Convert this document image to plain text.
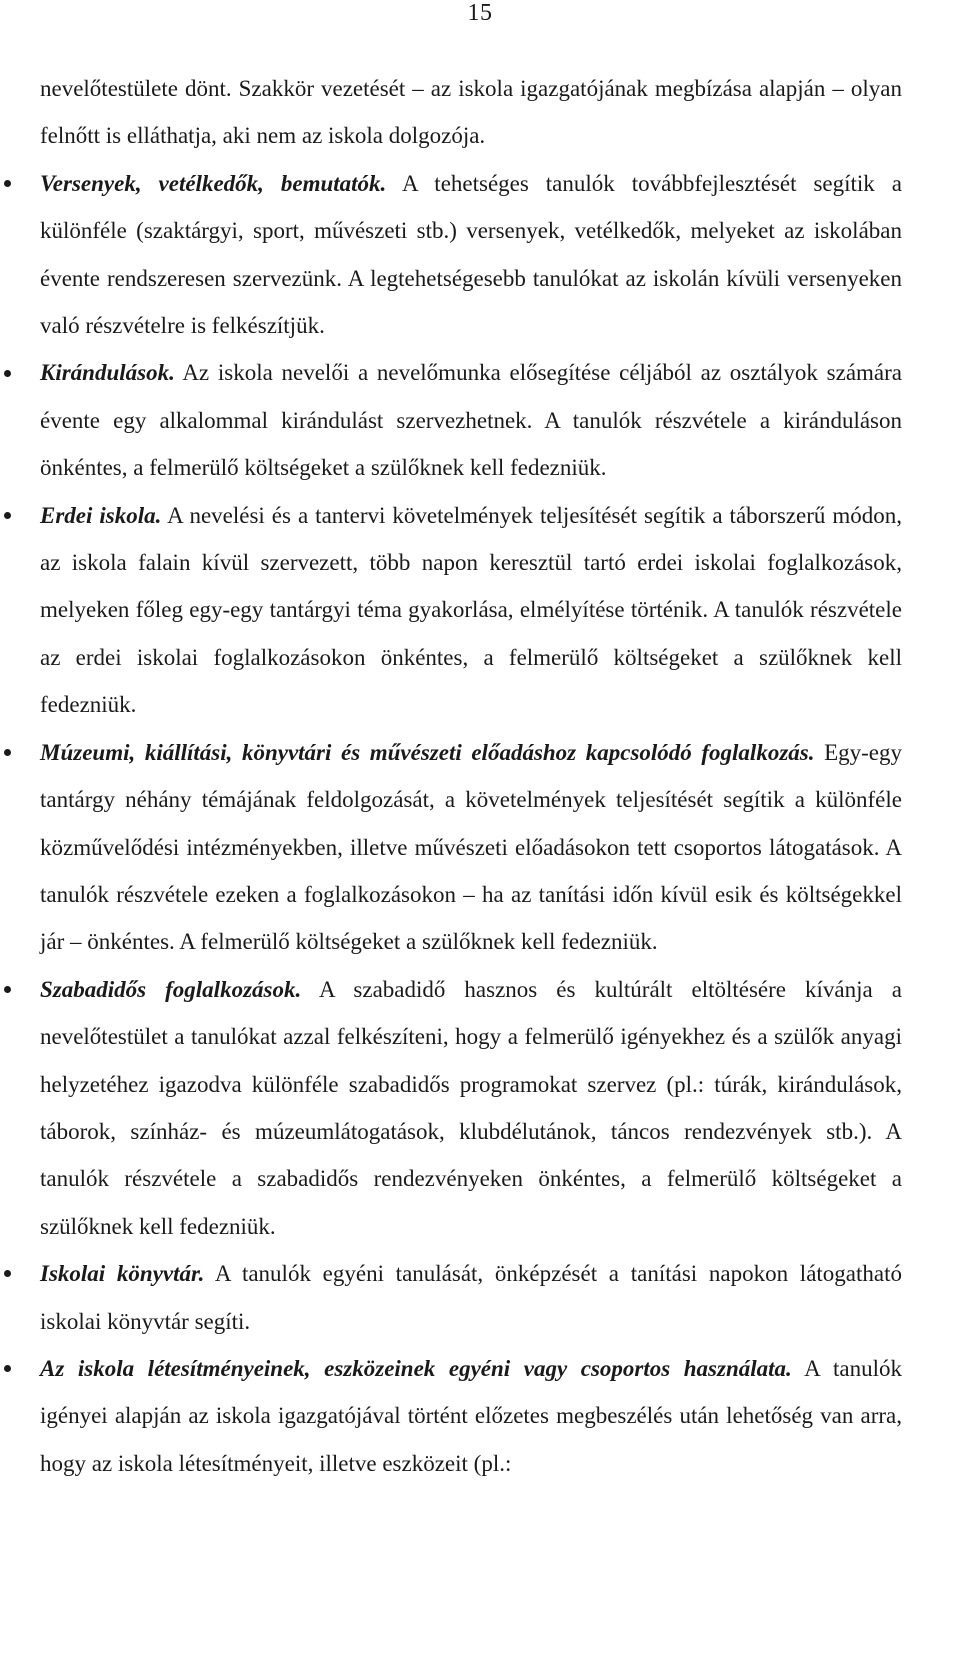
15

nevelőtestülete dönt. Szakkör vezetését – az iskola igazgatójának megbízása alapján – olyan felnőtt is elláthatja, aki nem az iskola dolgozója.

Versenyek, vetélkedők, bemutatók. A tehetséges tanulók továbbfejlesztését segítik a különféle (szaktárgyi, sport, művészeti stb.) versenyek, vetélkedők, melyeket az iskolában évente rendszeresen szervezünk. A legtehetségesebb tanulókat az iskolán kívüli versenyeken való részvételre is felkészítjük.
Kirándulások. Az iskola nevelői a nevelőmunka elősegítése céljából az osztályok számára évente egy alkalommal kirándulást szervezhetnek. A tanulók részvétele a kiránduláson önkéntes, a felmerülő költségeket a szülőknek kell fedezniük.
Erdei iskola. A nevelési és a tantervi követelmények teljesítését segítik a táborszerű módon, az iskola falain kívül szervezett, több napon keresztül tartó erdei iskolai foglalkozások, melyeken főleg egy-egy tantárgyi téma gyakorlása, elmélyítése történik. A tanulók részvétele az erdei iskolai foglalkozásokon önkéntes, a felmerülő költségeket a szülőknek kell fedezniük.
Múzeumi, kiállítási, könyvtári és művészeti előadáshoz kapcsolódó foglalkozás. Egy-egy tantárgy néhány témájának feldolgozását, a követelmények teljesítését segítik a különféle közművelődési intézményekben, illetve művészeti előadásokon tett csoportos látogatások. A tanulók részvétele ezeken a foglalkozásokon – ha az tanítási időn kívül esik és költségekkel jár – önkéntes. A felmerülő költségeket a szülőknek kell fedezniük.
Szabadidős foglalkozások. A szabadidő hasznos és kultúrált eltöltésére kívánja a nevelőtestület a tanulókat azzal felkészíteni, hogy a felmerülő igényekhez és a szülők anyagi helyzetéhez igazodva különféle szabadidős programokat szervez (pl.: túrák, kirándulások, táborok, színház- és múzeumlátogatások, klubdélutánok, táncos rendezvények stb.). A tanulók részvétele a szabadidős rendezvényeken önkéntes, a felmerülő költségeket a szülőknek kell fedezniük.
Iskolai könyvtár. A tanulók egyéni tanulását, önképzését a tanítási napokon látogatható iskolai könyvtár segíti.
Az iskola létesítményeinek, eszközeinek egyéni vagy csoportos használata. A tanulók igényei alapján az iskola igazgatójával történt előzetes megbeszélés után lehetőség van arra, hogy az iskola létesítményeit, illetve eszközeit (pl.:
